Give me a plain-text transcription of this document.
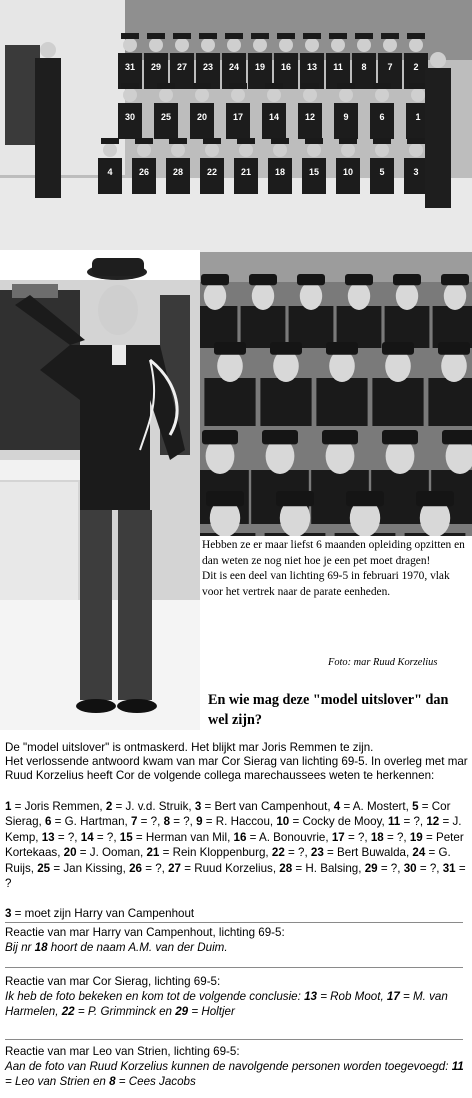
31 29 27 23 24 19 16 13 11 8 7 2
30	25	20	17	14	12	9	6	1
4	26	28	22	21	18	15	10	5	3

Hebben ze er maar liefst 6 maanden opleiding opzitten en dan weten ze nog niet hoe je een pet moet dragen!

Dit is een deel van lichting 69-5 in februari 1970, vlak voor het vertrek naar de parate eenheden.

Foto: mar Ruud Korzelius
En wie mag deze "model uitslover" dan wel zijn?

De "model uitslover" is ontmaskerd. Het blijkt mar Joris Remmen te zijn.

Het verlossende antwoord kwam van mar Cor Sierag van lichting 69-5. In overleg met mar Ruud Korzelius heeft Cor de volgende collega marechaussees weten te herkennen:

1 = Joris Remmen, 2 = J. v.d. Struik, 3 = Bert van Campenhout, 4 = A. Mostert, 5 = Cor Sierag, 6 = G. Hartman, 7 = ?, 8 = ?, 9 = R. Haccou, 10 = Cocky de Mooy, 11 = ?, 12 = J. Kemp, 13 = ?, 14 = ?, 15 = Herman van Mil, 16 = A. Bonouvrie, 17 = ?, 18 = ?, 19 = Peter Kortekaas, 20 = J. Ooman, 21 = Rein Kloppenburg, 22 = ?, 23 = Bert Buwalda, 24 = G. Ruijs, 25 = Jan Kissing, 26 = ?, 27 = Ruud Korzelius, 28 = H. Balsing, 29 = ?, 30 = ?, 31 = ?
3 = moet zijn Harry van Campenhout
Reactie van mar Harry van Campenhout, lichting 69-5:
Bij nr 18 hoort de naam A.M. van der Duim.
Reactie van mar Cor Sierag, lichting 69-5:
Ik heb de foto bekeken en kom tot de volgende conclusie: 13 = Rob Moot, 17 = M. van Harmelen, 22 = P. Grimminck en 29 = Holtjer
Reactie van mar Leo van Strien, lichting 69-5:
Aan de foto van Ruud Korzelius kunnen de navolgende personen worden toegevoegd: 11 = Leo van Strien en 8 = Cees Jacobs
